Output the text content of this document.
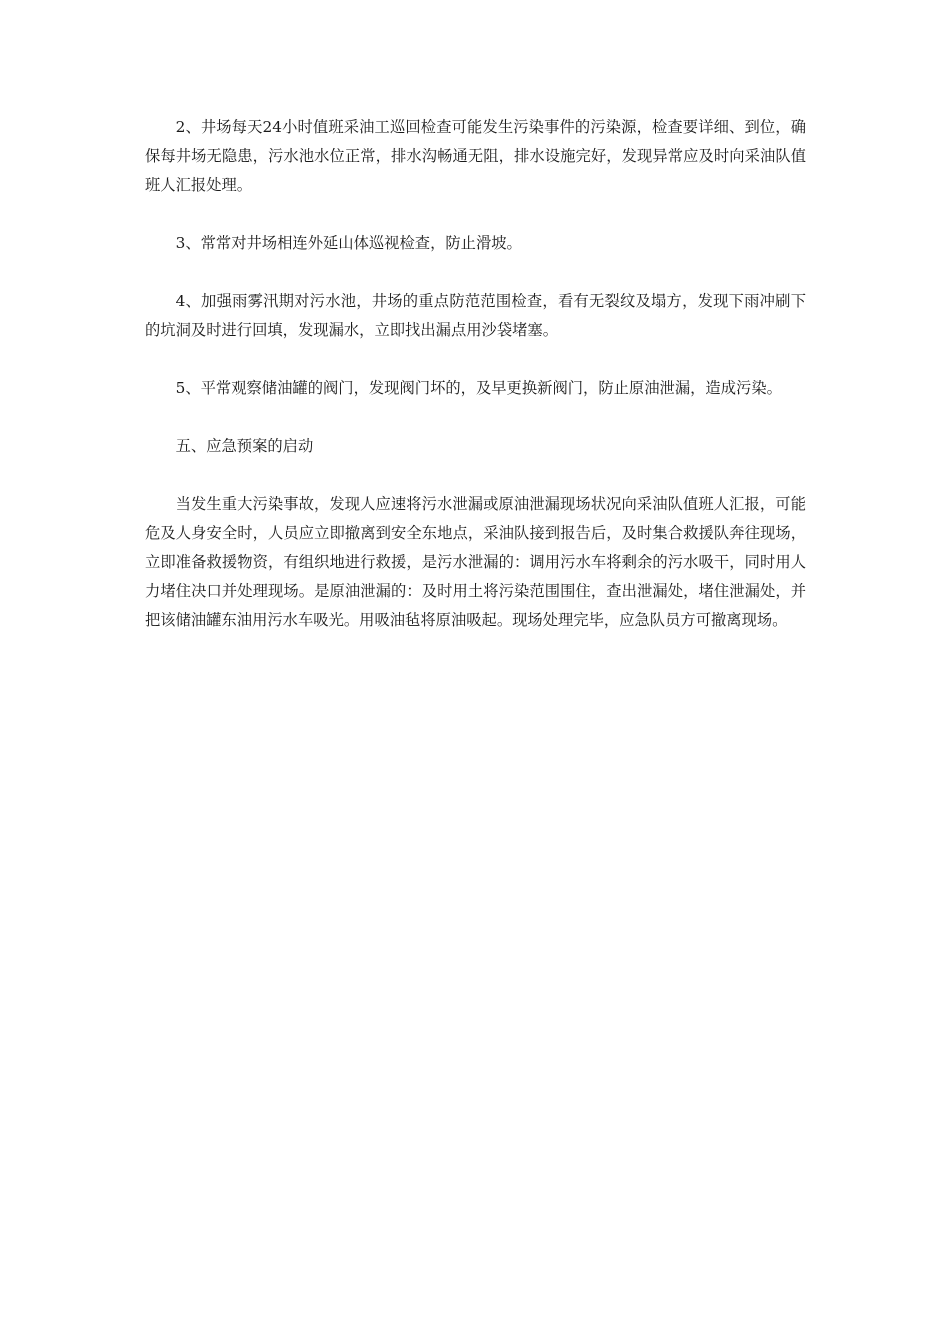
2、井场每天24小时值班采油工巡回检查可能发生污染事件的污染源，检查要详细、到位，确保每井场无隐患，污水池水位正常，排水沟畅通无阻，排水设施完好，发现异常应及时向采油队值班人汇报处理。

3、常常对井场相连外延山体巡视检查，防止滑坡。

4、加强雨雾汛期对污水池，井场的重点防范范围检查，看有无裂纹及塌方，发现下雨冲刷下的坑洞及时进行回填，发现漏水，立即找出漏点用沙袋堵塞。

5、平常观察储油罐的阀门，发现阀门坏的，及早更换新阀门，防止原油泄漏，造成污染。

五、应急预案的启动

当发生重大污染事故，发现人应速将污水泄漏或原油泄漏现场状况向采油队值班人汇报，可能危及人身安全时，人员应立即撤离到安全东地点，采油队接到报告后，及时集合救援队奔往现场，立即准备救援物资，有组织地进行救援，是污水泄漏的：调用污水车将剩余的污水吸干，同时用人力堵住决口并处理现场。是原油泄漏的：及时用土将污染范围围住，查出泄漏处，堵住泄漏处，并把该储油罐东油用污水车吸光。用吸油毡将原油吸起。现场处理完毕，应急队员方可撤离现场。
